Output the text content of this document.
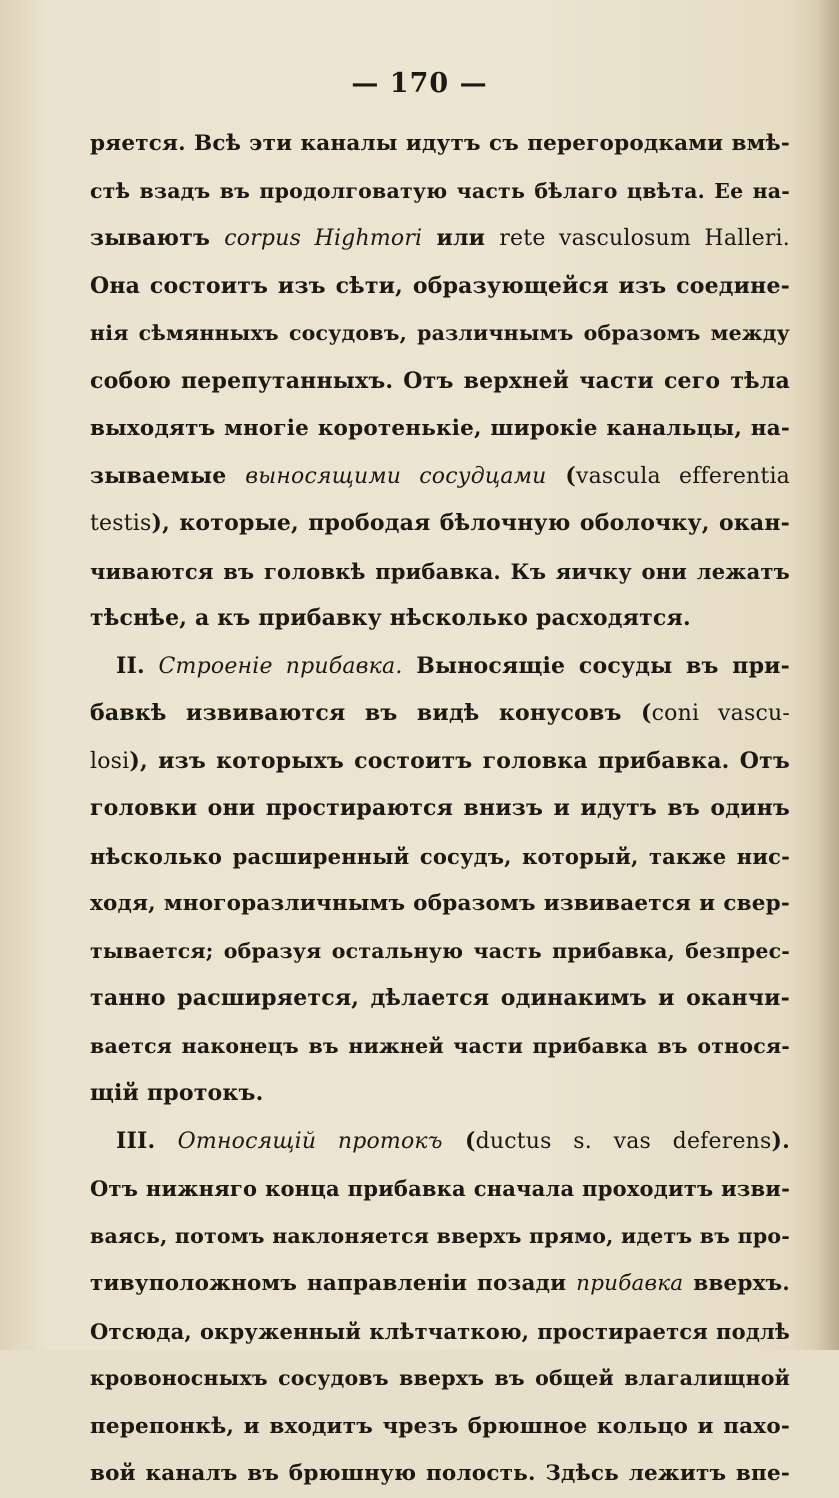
— 170 —
ряется. Всѣ эти каналы идутъ съ перегородками вмѣ-
стѣ взадъ въ продолговатую часть бѣлаго цвѣта. Ее на-
зываютъ corpus Highmori или rete vasculosum Halleri.
Она состоитъ изъ сѣти, образующейся изъ соедине-
нія сѣмянныхъ сосудовъ, различнымъ образомъ между
собою перепутанныхъ. Отъ верхней части сего тѣла
выходятъ многіе коротенькіе, широкіе канальцы, на-
зываемые выносящими сосудцами (vascula efferentia
testis), которые, прободая бѣлочную оболочку, окан-
чиваются въ головкѣ прибавка. Къ яичку они лежатъ
тѣснѣе, а къ прибавку нѣсколько расходятся.
II. Строеніе прибавка. Выносящіе сосуды въ при-
бавкѣ извиваются въ видѣ конусовъ (coni vascu-
losi), изъ которыхъ состоитъ головка прибавка. Отъ
головки они простираются внизъ и идутъ въ одинъ
нѣсколько расширенный сосудъ, который, также нис-
ходя, многоразличнымъ образомъ извивается и свер-
тывается; образуя остальную часть прибавка, безпрес-
танно расширяется, дѣлается одинакимъ и оканчи-
вается наконецъ въ нижней части прибавка въ относя-
щій протокъ.
III. Относящій протокъ (ductus s. vas deferens).
Отъ нижняго конца прибавка сначала проходитъ изви-
ваясь, потомъ наклоняется вверхъ прямо, идетъ въ про-
тивуположномъ направленіи позади прибавка вверхъ.
Отсюда, окруженный клѣтчаткою, простирается подлѣ
кровоносныхъ сосудовъ вверхъ въ общей влагалищной
перепонкѣ, и входитъ чрезъ брюшное кольцо и пахо-
вой каналъ въ брюшную полость. Здѣсь лежитъ впе-
